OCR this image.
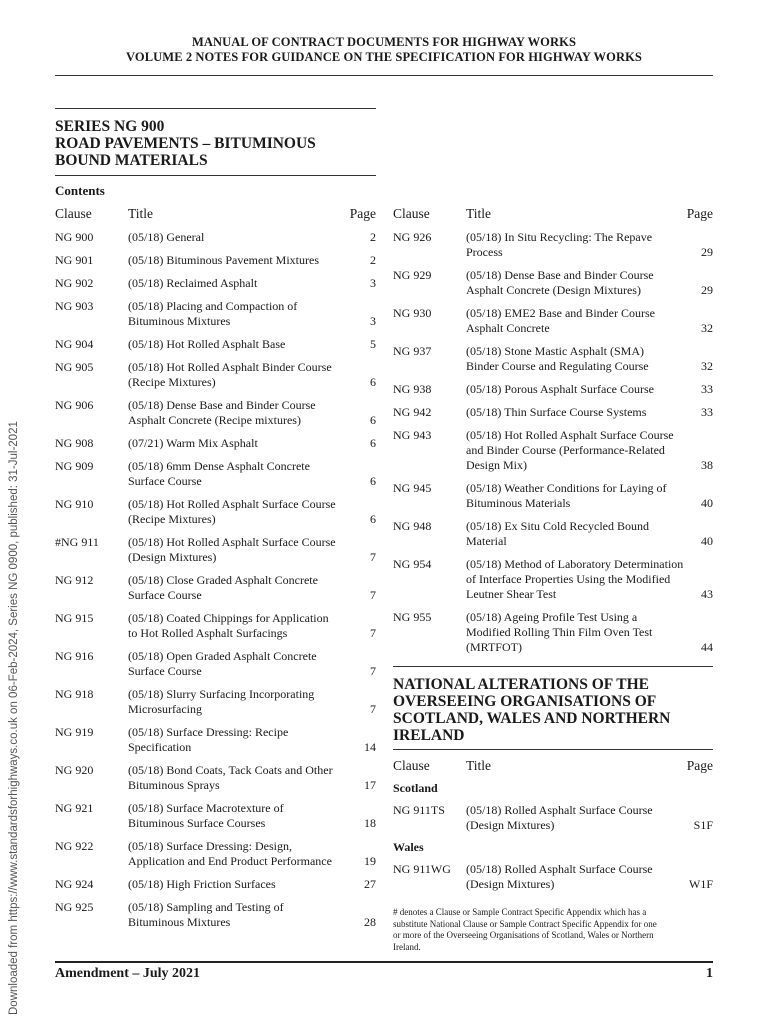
MANUAL OF CONTRACT DOCUMENTS FOR HIGHWAY WORKS
VOLUME 2 NOTES FOR GUIDANCE ON THE SPECIFICATION FOR HIGHWAY WORKS
SERIES NG 900
ROAD PAVEMENTS – BITUMINOUS
BOUND MATERIALS
Contents
Clause	Title	Page Clause	Title	Page
NG 900	(05/18) General	2
NG 901	(05/18) Bituminous Pavement Mixtures	2
NG 902	(05/18) Reclaimed Asphalt	3
NG 903	(05/18) Placing and Compaction of
Bituminous Mixtures	3
NG 904	(05/18) Hot Rolled Asphalt Base	5
NG 905	(05/18) Hot Rolled Asphalt Binder Course
(Recipe Mixtures)	6
NG 906	(05/18) Dense Base and Binder Course
Asphalt Concrete (Recipe mixtures)	6
NG 908	(07/21) Warm Mix Asphalt	6
NG 909	(05/18) 6mm Dense Asphalt Concrete
Surface Course	6
NG 910	(05/18) Hot Rolled Asphalt Surface Course
(Recipe Mixtures)	6
#NG 911 (05/18) Hot Rolled Asphalt Surface Course
(Design Mixtures)	7
NG 912	(05/18) Close Graded Asphalt Concrete
Surface Course	7
NG 915	(05/18) Coated Chippings for Application
to Hot Rolled Asphalt Surfacings	7
NG 916	(05/18) Open Graded Asphalt Concrete
Surface Course	7
NG 918	(05/18) Slurry Surfacing Incorporating
Microsurfacing	7
NG 919	(05/18) Surface Dressing: Recipe
Specification	14
NG 920	(05/18) Bond Coats, Tack Coats and Other
Bituminous Sprays	17
NG 921	(05/18) Surface Macrotexture of
Bituminous Surface Courses	18
NG 922	(05/18) Surface Dressing: Design,
Application and End Product Performance	19
NG 924	(05/18) High Friction Surfaces	27
NG 925	(05/18) Sampling and Testing of
Bituminous Mixtures	28
NG 926	(05/18) In Situ Recycling: The Repave
Process	29
NG 929	(05/18) Dense Base and Binder Course
Asphalt Concrete (Design Mixtures)	29
NG 930	(05/18) EME2 Base and Binder Course
Asphalt Concrete	32
NG 937	(05/18) Stone Mastic Asphalt (SMA)
Binder Course and Regulating Course	32
NG 938	(05/18) Porous Asphalt Surface Course	33
NG 942	(05/18) Thin Surface Course Systems	33
NG 943	(05/18) Hot Rolled Asphalt Surface Course
and Binder Course (Performance-Related
Design Mix)	38
NG 945	(05/18) Weather Conditions for Laying of
Bituminous Materials	40
NG 948	(05/18) Ex Situ Cold Recycled Bound
Material	40
NG 954	(05/18) Method of Laboratory Determination
of Interface Properties Using the Modified
Leutner Shear Test	43
NG 955	(05/18) Ageing Profile Test Using a
Modified Rolling Thin Film Oven Test
(MRTFOT)	44
NATIONAL ALTERATIONS OF THE
OVERSEEING ORGANISATIONS OF
SCOTLAND, WALES AND NORTHERN
IRELAND
Clause	Title	Page
Scotland
NG 911TS (05/18) Rolled Asphalt Surface Course
(Design Mixtures)	S1F
Wales
NG 911WG (05/18) Rolled Asphalt Surface Course
(Design Mixtures)	W1F
# denotes a Clause or Sample Contract Specific Appendix which has a
substitute National Clause or Sample Contract Specific Appendix for one
or more of the Overseeing Organisations of Scotland, Wales or Northern
Ireland.
Amendment – July 2021	1
Downloaded from https://www.standardsforhighways.co.uk on 06-Feb-2024, Series NG 0900, published: 31-Jul-2021
